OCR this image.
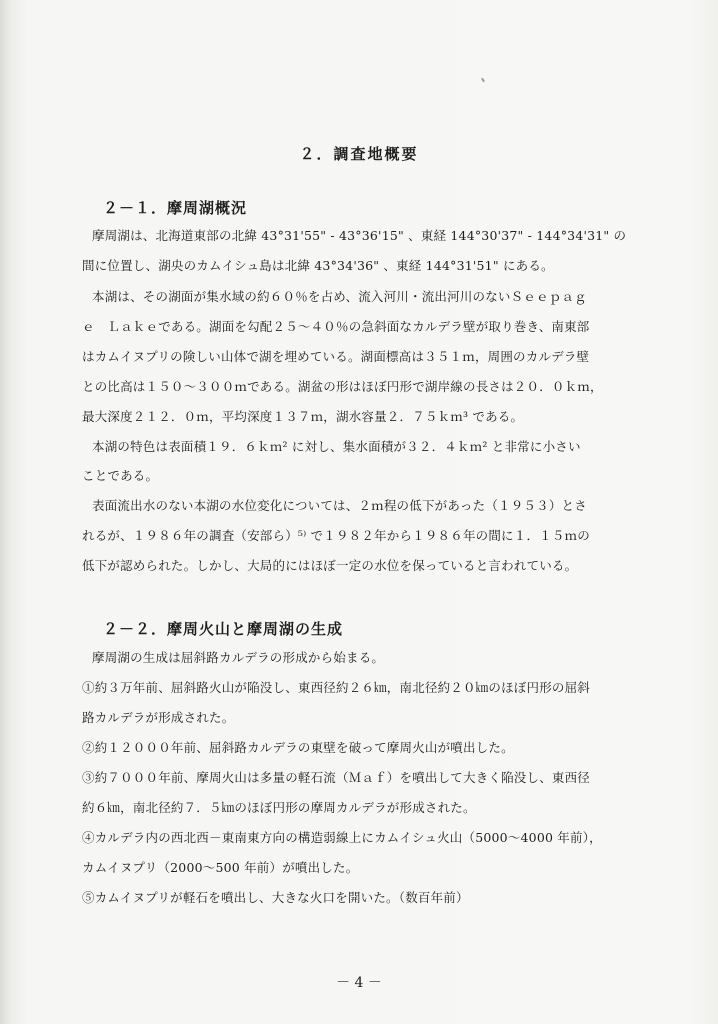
２．調査地概要
２－１．摩周湖概況
摩周湖は、北海道東部の北緯 43°31'55" - 43°36'15" 、東経 144°30'37" - 144°34'31" の
間に位置し、湖央のカムイシュ島は北緯 43°34'36" 、東経 144°31'51" にある。
本湖は、その湖面が集水域の約６０％を占め、流入河川・流出河川のないＳｅｅｐａｇ
ｅ　Ｌａｋｅである。湖面を勾配２５～４０％の急斜面なカルデラ壁が取り巻き、南東部
はカムイヌプリの険しい山体で湖を埋めている。湖面標高は３５１ｍ，周囲のカルデラ壁
との比高は１５０～３００ｍである。湖盆の形はほぼ円形で湖岸線の長さは２０．０ｋｍ，
最大深度２１２．０ｍ，平均深度１３７ｍ，湖水容量２．７５ｋｍ³ である。
本湖の特色は表面積１９．６ｋｍ² に対し、集水面積が３２．４ｋｍ² と非常に小さい
ことである。
表面流出水のない本湖の水位変化については、２ｍ程の低下があった（１９５３）とさ
れるが、１９８６年の調査（安部ら）⁵⁾ で１９８２年から１９８６年の間に１．１５ｍの
低下が認められた。しかし、大局的にはほぼ一定の水位を保っていると言われている。
２－２．摩周火山と摩周湖の生成
摩周湖の生成は屈斜路カルデラの形成から始まる。
①約３万年前、屈斜路火山が陥没し、東西径約２６㎞，南北径約２０㎞のほぼ円形の屈斜
路カルデラが形成された。
②約１２０００年前、屈斜路カルデラの東壁を破って摩周火山が噴出した。
③約７０００年前、摩周火山は多量の軽石流（Ｍａｆ）を噴出して大きく陥没し、東西径
約６㎞，南北径約７．５㎞のほぼ円形の摩周カルデラが形成された。
④カルデラ内の西北西－東南東方向の構造弱線上にカムイシュ火山（5000～4000 年前），
カムイヌプリ（2000～500 年前）が噴出した。
⑤カムイヌプリが軽石を噴出し、大きな火口を開いた。（数百年前）
－ 4 －
